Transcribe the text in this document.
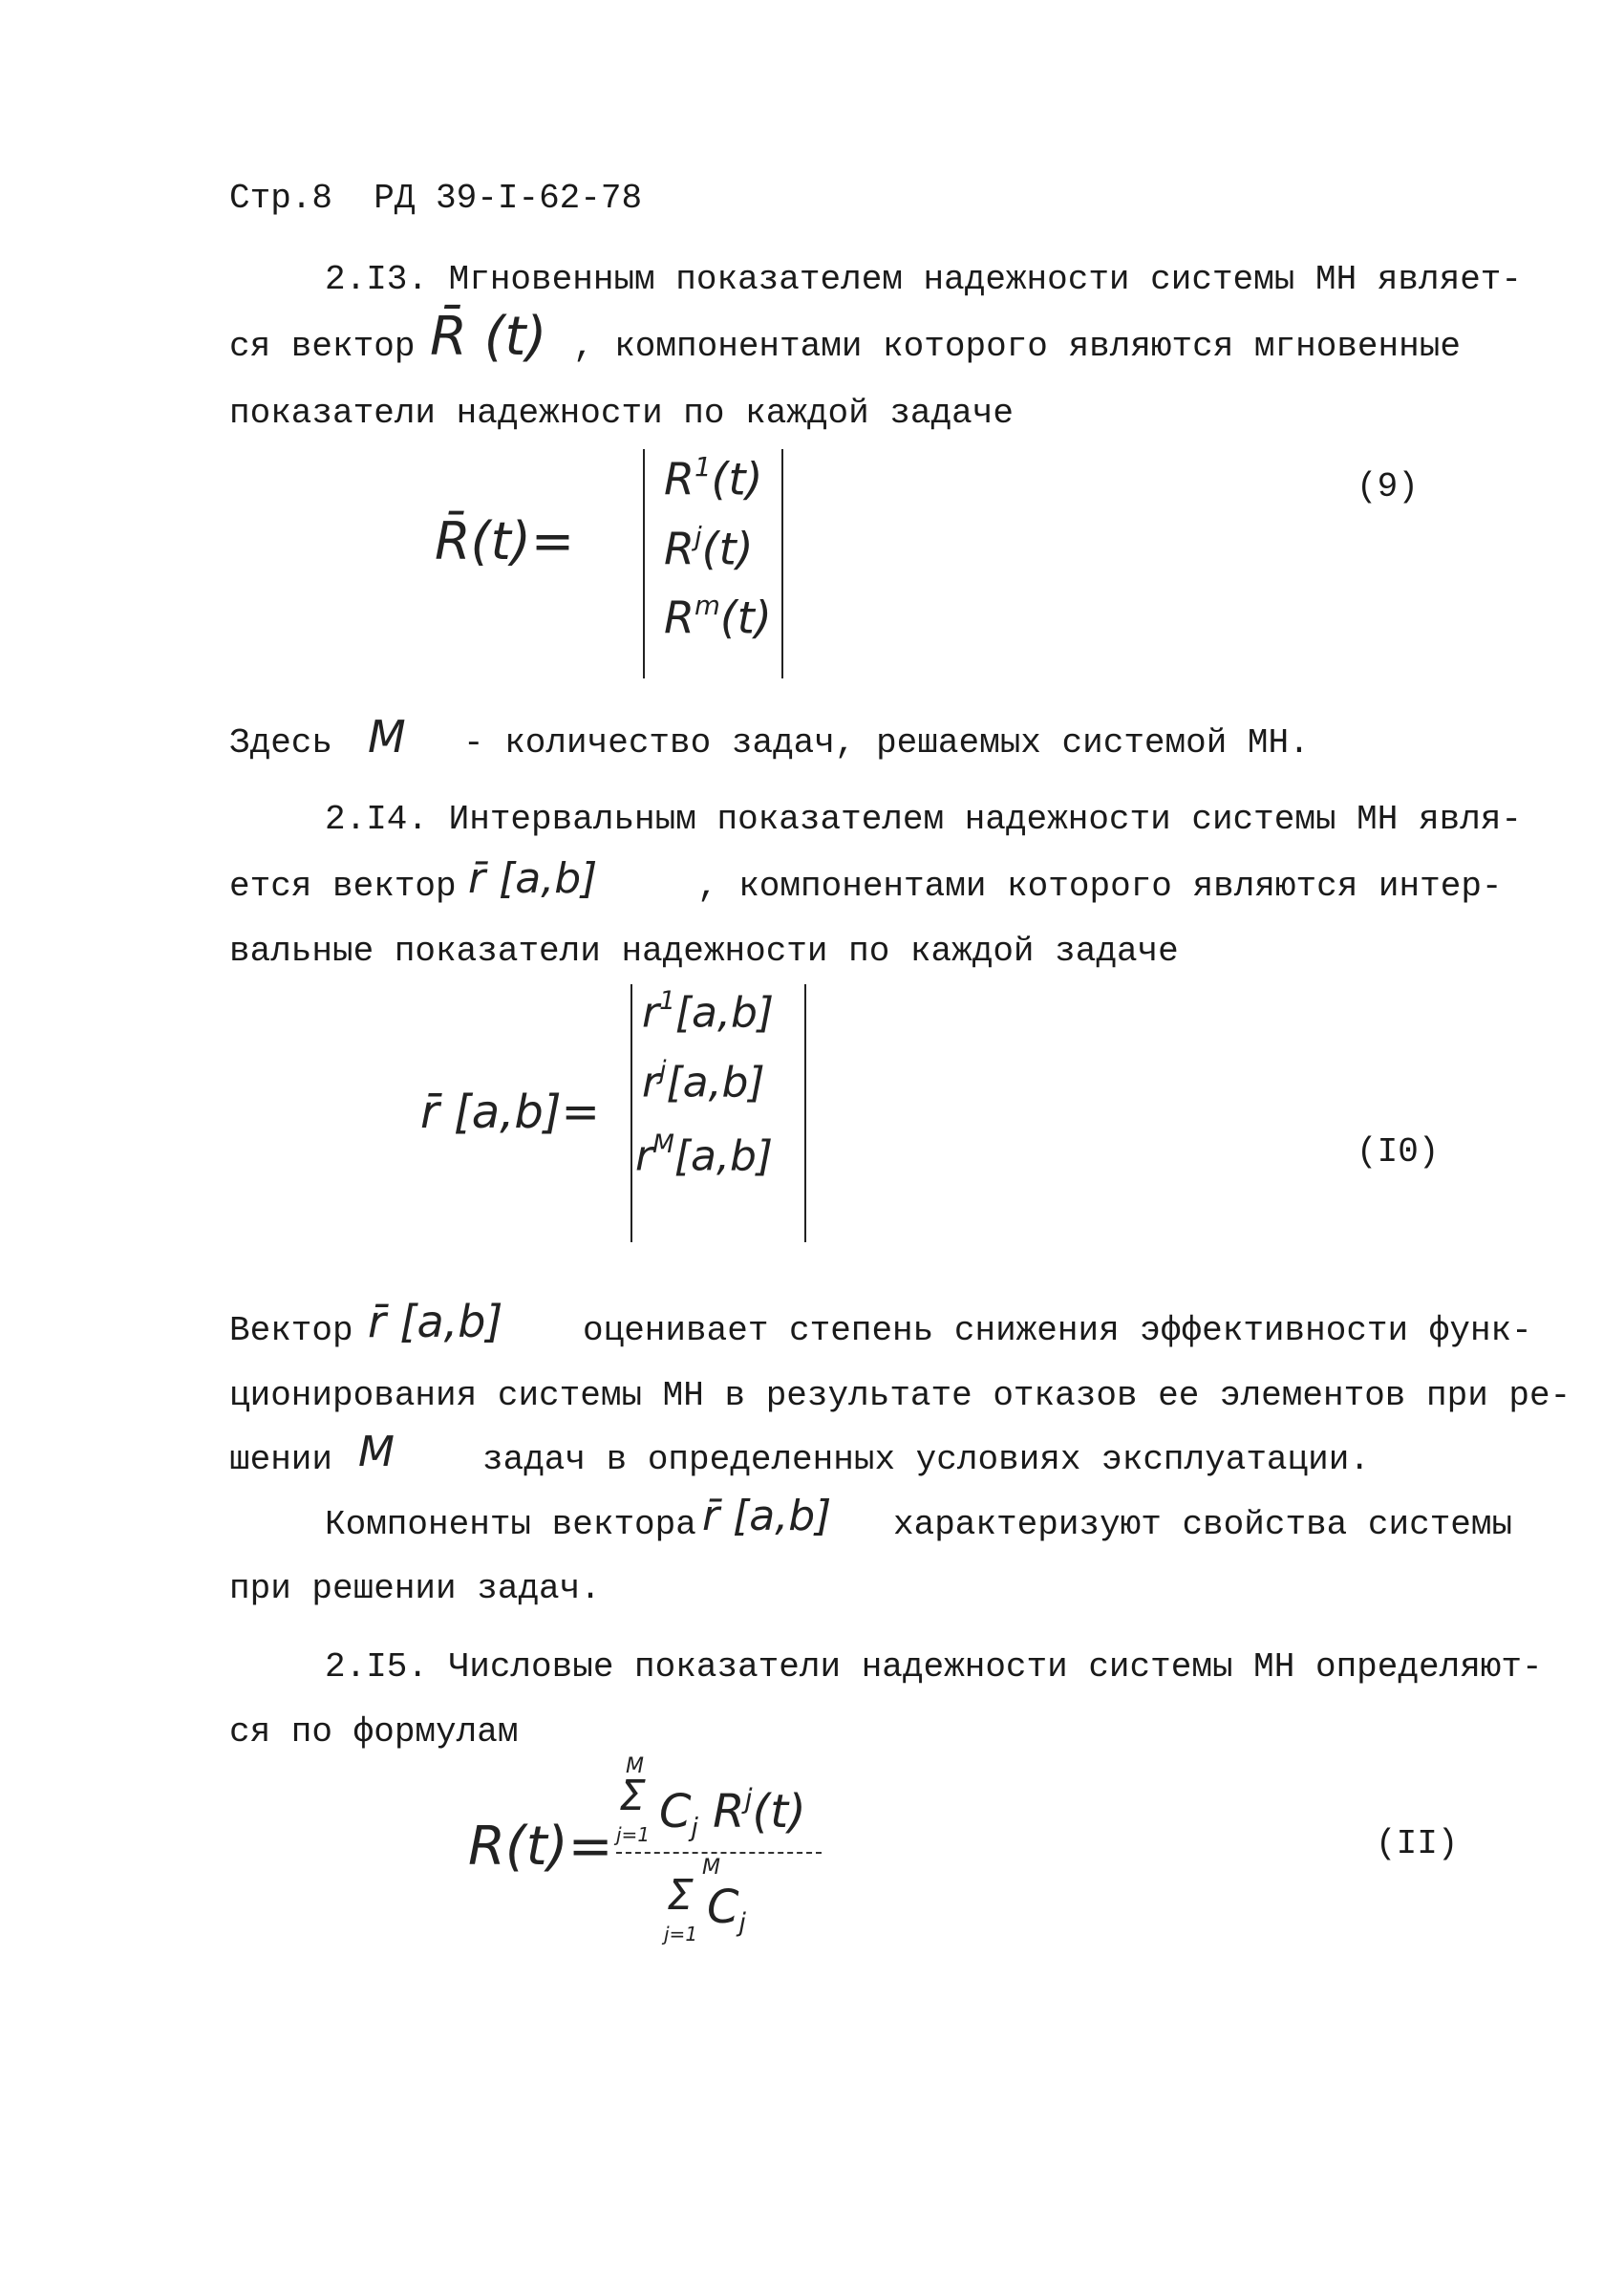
Стр.8 РД 39-I-62-78
2.I3. Мгновенным показателем надежности системы МН являет-
ся вектор R̄ (t) , компонентами которого являются мгновенные
показатели надежности по каждой задаче
R̄(t)=
$R^1(t)$
$R^j(t)$
$R^m(t)$
(9)
Здесь M - количество задач, решаемых системой МН.
2.I4. Интервальным показателем надежности системы МН явля-
ется вектор r̄ [a,b]	, компонентами которого являются интер-
вальные показатели надежности по каждой задаче
r̄ [a,b]=
$r^1[a,b]$
$r^j[a,b]$
$r^M[a,b]$	(I0)
Вектор r̄ [a,b] оценивает степень снижения эффективности функ-
ционирования системы МН в результате отказов ее элементов при ре-
шении M	задач в определенных условиях эксплуатации.
Компоненты вектора r̄ [a,b] характеризуют свойства системы
при решении задач.
2.I5. Числовые показатели надежности системы МН определяют-
ся по формулам
R(t)=
M
Σ
j=1 $C_j$ $R^j(t)$
M
Σ
j=1 $C_j$
(II)
